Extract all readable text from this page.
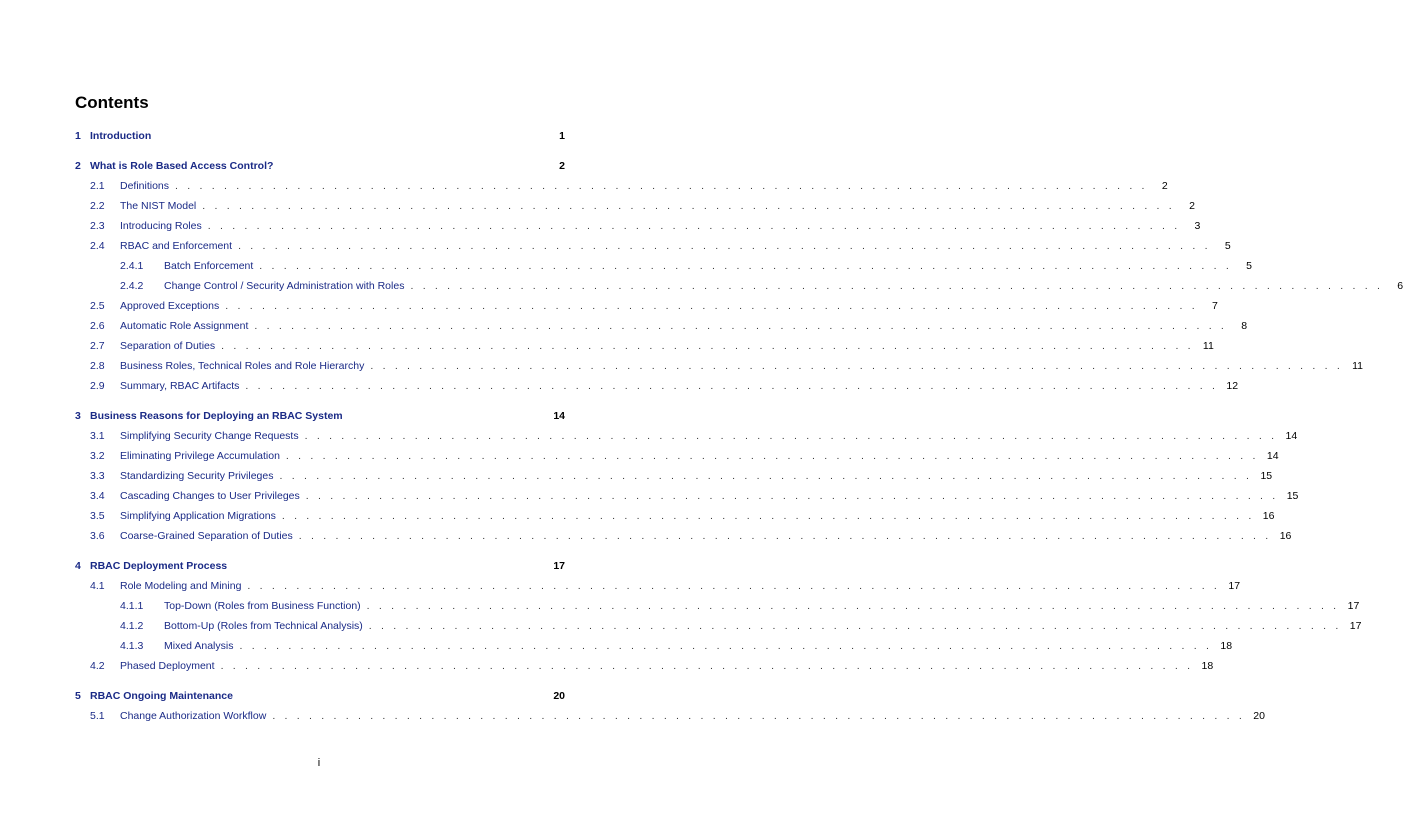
Contents
1 Introduction	1
2 What is Role Based Access Control?	2
2.1	Definitions . . . . . . . . . . . . . . . . . . . . . . . . . . . . . . . . . . . . . . . . . . . . . . . . . . . . . . . . . . . . . . . . . . . . . . . . . . . . . . . .	2
2.2	The NIST Model . . . . . . . . . . . . . . . . . . . . . . . . . . . . . . . . . . . . . . . . . . . . . . . . . . . . . . . . . . . . . . . . . . . . . . . . . . . . . . . .	2
2.3	Introducing Roles . . . . . . . . . . . . . . . . . . . . . . . . . . . . . . . . . . . . . . . . . . . . . . . . . . . . . . . . . . . . . . . . . . . . . . . . . . . . . . . .	3
2.4	RBAC and Enforcement . . . . . . . . . . . . . . . . . . . . . . . . . . . . . . . . . . . . . . . . . . . . . . . . . . . . . . . . . . . . . . . . . . . . . . . . . . . . . . . .	5
2.4.1	Batch Enforcement . . . . . . . . . . . . . . . . . . . . . . . . . . . . . . . . . . . . . . . . . . . . . . . . . . . . . . . . . . . . . . . . . . . . . . . . . . . . . . . .	5
2.4.2	Change Control / Security Administration with Roles . . . . . . . . . . . . . . . . . . . . . . . . . . . . . . . . . . . . . . . . . . . . . . . . . . . . . . . . . . . . . . . . . . . . . . . . . . . . . . . .	6
2.5	Approved Exceptions . . . . . . . . . . . . . . . . . . . . . . . . . . . . . . . . . . . . . . . . . . . . . . . . . . . . . . . . . . . . . . . . . . . . . . . . . . . . . . . .	7
2.6	Automatic Role Assignment . . . . . . . . . . . . . . . . . . . . . . . . . . . . . . . . . . . . . . . . . . . . . . . . . . . . . . . . . . . . . . . . . . . . . . . . . . . . . . . .	8
2.7	Separation of Duties . . . . . . . . . . . . . . . . . . . . . . . . . . . . . . . . . . . . . . . . . . . . . . . . . . . . . . . . . . . . . . . . . . . . . . . . . . . . . . . . 11
2.8	Business Roles, Technical Roles and Role Hierarchy . . . . . . . . . . . . . . . . . . . . . . . . . . . . . . . . . . . . . . . . . . . . . . . . . . . . . . . . . . . . . . . . . . . . . . . . . . . . . . . . 11
2.9	Summary, RBAC Artifacts . . . . . . . . . . . . . . . . . . . . . . . . . . . . . . . . . . . . . . . . . . . . . . . . . . . . . . . . . . . . . . . . . . . . . . . . . . . . . . . . 12
3 Business Reasons for Deploying an RBAC System	14
3.1	Simplifying Security Change Requests . . . . . . . . . . . . . . . . . . . . . . . . . . . . . . . . . . . . . . . . . . . . . . . . . . . . . . . . . . . . . . . . . . . . . . . . . . . . . . . . 14
3.2	Eliminating Privilege Accumulation . . . . . . . . . . . . . . . . . . . . . . . . . . . . . . . . . . . . . . . . . . . . . . . . . . . . . . . . . . . . . . . . . . . . . . . . . . . . . . . . 14
3.3	Standardizing Security Privileges . . . . . . . . . . . . . . . . . . . . . . . . . . . . . . . . . . . . . . . . . . . . . . . . . . . . . . . . . . . . . . . . . . . . . . . . . . . . . . . . 15
3.4	Cascading Changes to User Privileges . . . . . . . . . . . . . . . . . . . . . . . . . . . . . . . . . . . . . . . . . . . . . . . . . . . . . . . . . . . . . . . . . . . . . . . . . . . . . . . . 15
3.5	Simplifying Application Migrations . . . . . . . . . . . . . . . . . . . . . . . . . . . . . . . . . . . . . . . . . . . . . . . . . . . . . . . . . . . . . . . . . . . . . . . . . . . . . . . . 16
3.6	Coarse-Grained Separation of Duties . . . . . . . . . . . . . . . . . . . . . . . . . . . . . . . . . . . . . . . . . . . . . . . . . . . . . . . . . . . . . . . . . . . . . . . . . . . . . . . . 16
4 RBAC Deployment Process	17
4.1	Role Modeling and Mining . . . . . . . . . . . . . . . . . . . . . . . . . . . . . . . . . . . . . . . . . . . . . . . . . . . . . . . . . . . . . . . . . . . . . . . . . . . . . . . . 17
4.1.1	Top-Down (Roles from Business Function) . . . . . . . . . . . . . . . . . . . . . . . . . . . . . . . . . . . . . . . . . . . . . . . . . . . . . . . . . . . . . . . . . . . . . . . . . . . . . . . . 17
4.1.2	Bottom-Up (Roles from Technical Analysis) . . . . . . . . . . . . . . . . . . . . . . . . . . . . . . . . . . . . . . . . . . . . . . . . . . . . . . . . . . . . . . . . . . . . . . . . . . . . . . . . 17
4.1.3	Mixed Analysis . . . . . . . . . . . . . . . . . . . . . . . . . . . . . . . . . . . . . . . . . . . . . . . . . . . . . . . . . . . . . . . . . . . . . . . . . . . . . . . . 18
4.2	Phased Deployment . . . . . . . . . . . . . . . . . . . . . . . . . . . . . . . . . . . . . . . . . . . . . . . . . . . . . . . . . . . . . . . . . . . . . . . . . . . . . . . . 18
5 RBAC Ongoing Maintenance	20
5.1	Change Authorization Workflow . . . . . . . . . . . . . . . . . . . . . . . . . . . . . . . . . . . . . . . . . . . . . . . . . . . . . . . . . . . . . . . . . . . . . . . . . . . . . . . . 20
i
